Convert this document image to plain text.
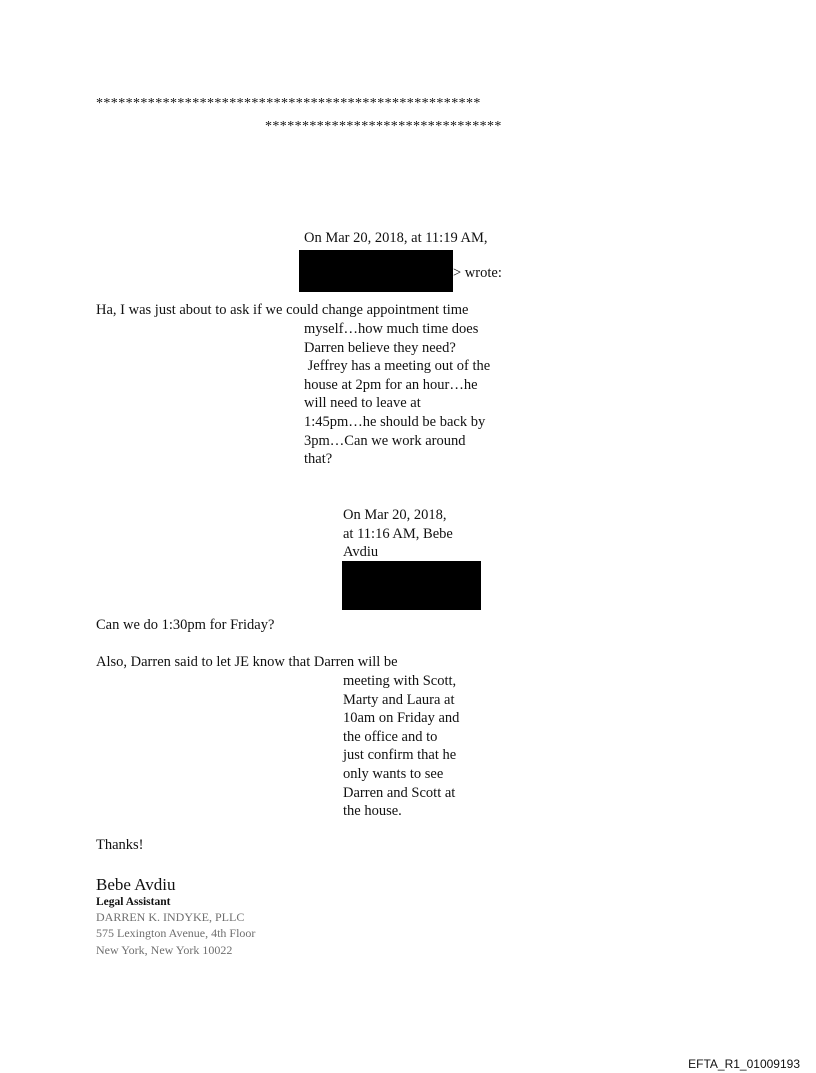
****************************************************
********************************
On Mar 20, 2018, at 11:19 AM,
> wrote:
Ha, I was just about to ask if we could change appointment time
myself…how much time does
Darren believe they need?
Jeffrey has a meeting out of the
house at 2pm for an hour…he
will need to leave at
1:45pm…he should be back by
3pm…Can we work around
that?
On Mar 20, 2018,
at 11:16 AM, Bebe
Avdiu
Can we do 1:30pm for Friday?
Also, Darren said to let JE know that Darren will be
meeting with Scott,
Marty and Laura at
10am on Friday and
the office and to
just confirm that he
only wants to see
Darren and Scott at
the house.
Thanks!
Bebe Avdiu
Legal Assistant
DARREN K. INDYKE, PLLC
575 Lexington Avenue, 4th Floor
New York, New York 10022
EFTA_R1_01009193
